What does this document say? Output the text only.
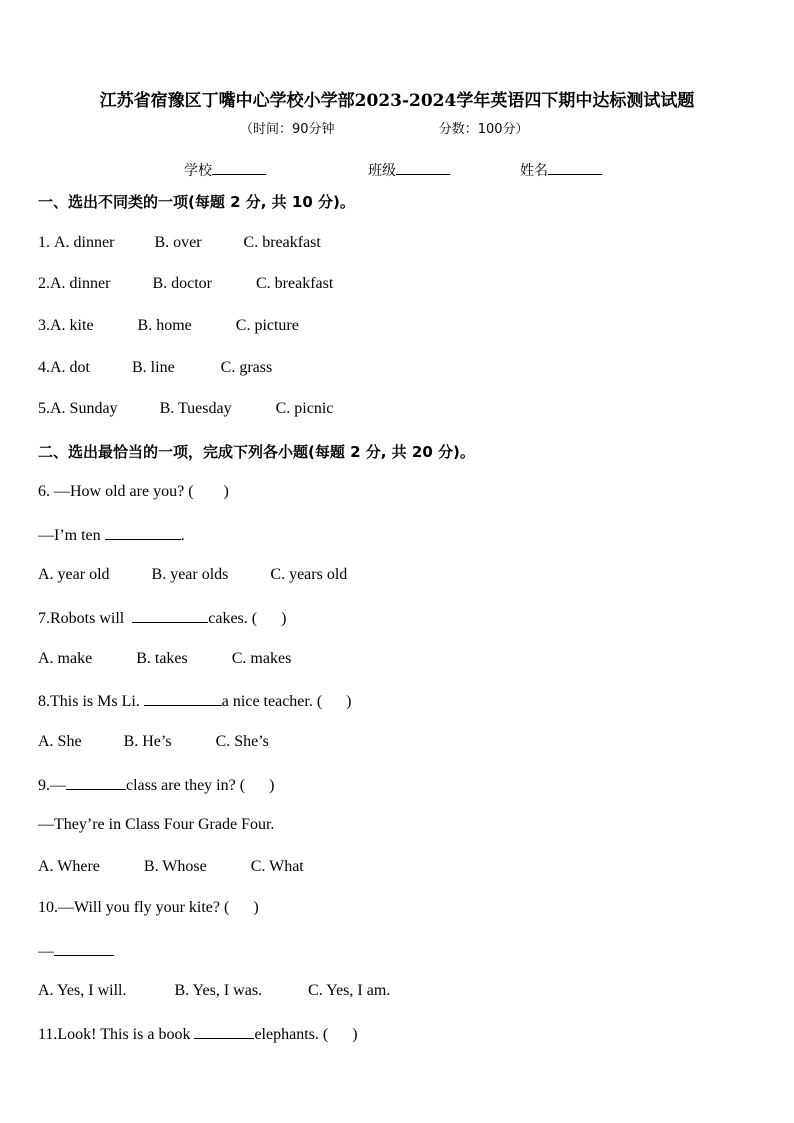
江苏省宿豫区丁嘴中心学校小学部2023-2024学年英语四下期中达标测试试题
（时间：90分钟	分数：100分）
学校	班级	姓名
一、选出不同类的一项(每题 2 分, 共 10 分)。
1. A. dinner	B. over	C. breakfast
2.A. dinner	B. doctor	C. breakfast
3.A. kite	B. home	C. picture
4.A. dot	B. line	C. grass
5.A. Sunday	B. Tuesday	C. picnic
二、选出最恰当的一项，完成下列各小题(每题 2 分, 共 20 分)。
6. —How old are you? ( )
—I’m ten	.
A. year old	B. year olds	C. years old
7.Robots will	cakes. ( )
A. make	B. takes	C. makes
8.This is Ms Li.	a nice teacher. ( )
A. She	B. He’s	C. She’s
9.—	class are they in? ( )
—They’re in Class Four Grade Four.
A. Where	B. Whose	C. What
10.—Will you fly your kite? ( )
—
A. Yes, I will.	B. Yes, I was.	C. Yes, I am.
11.Look! This is a book	elephants. ( )
